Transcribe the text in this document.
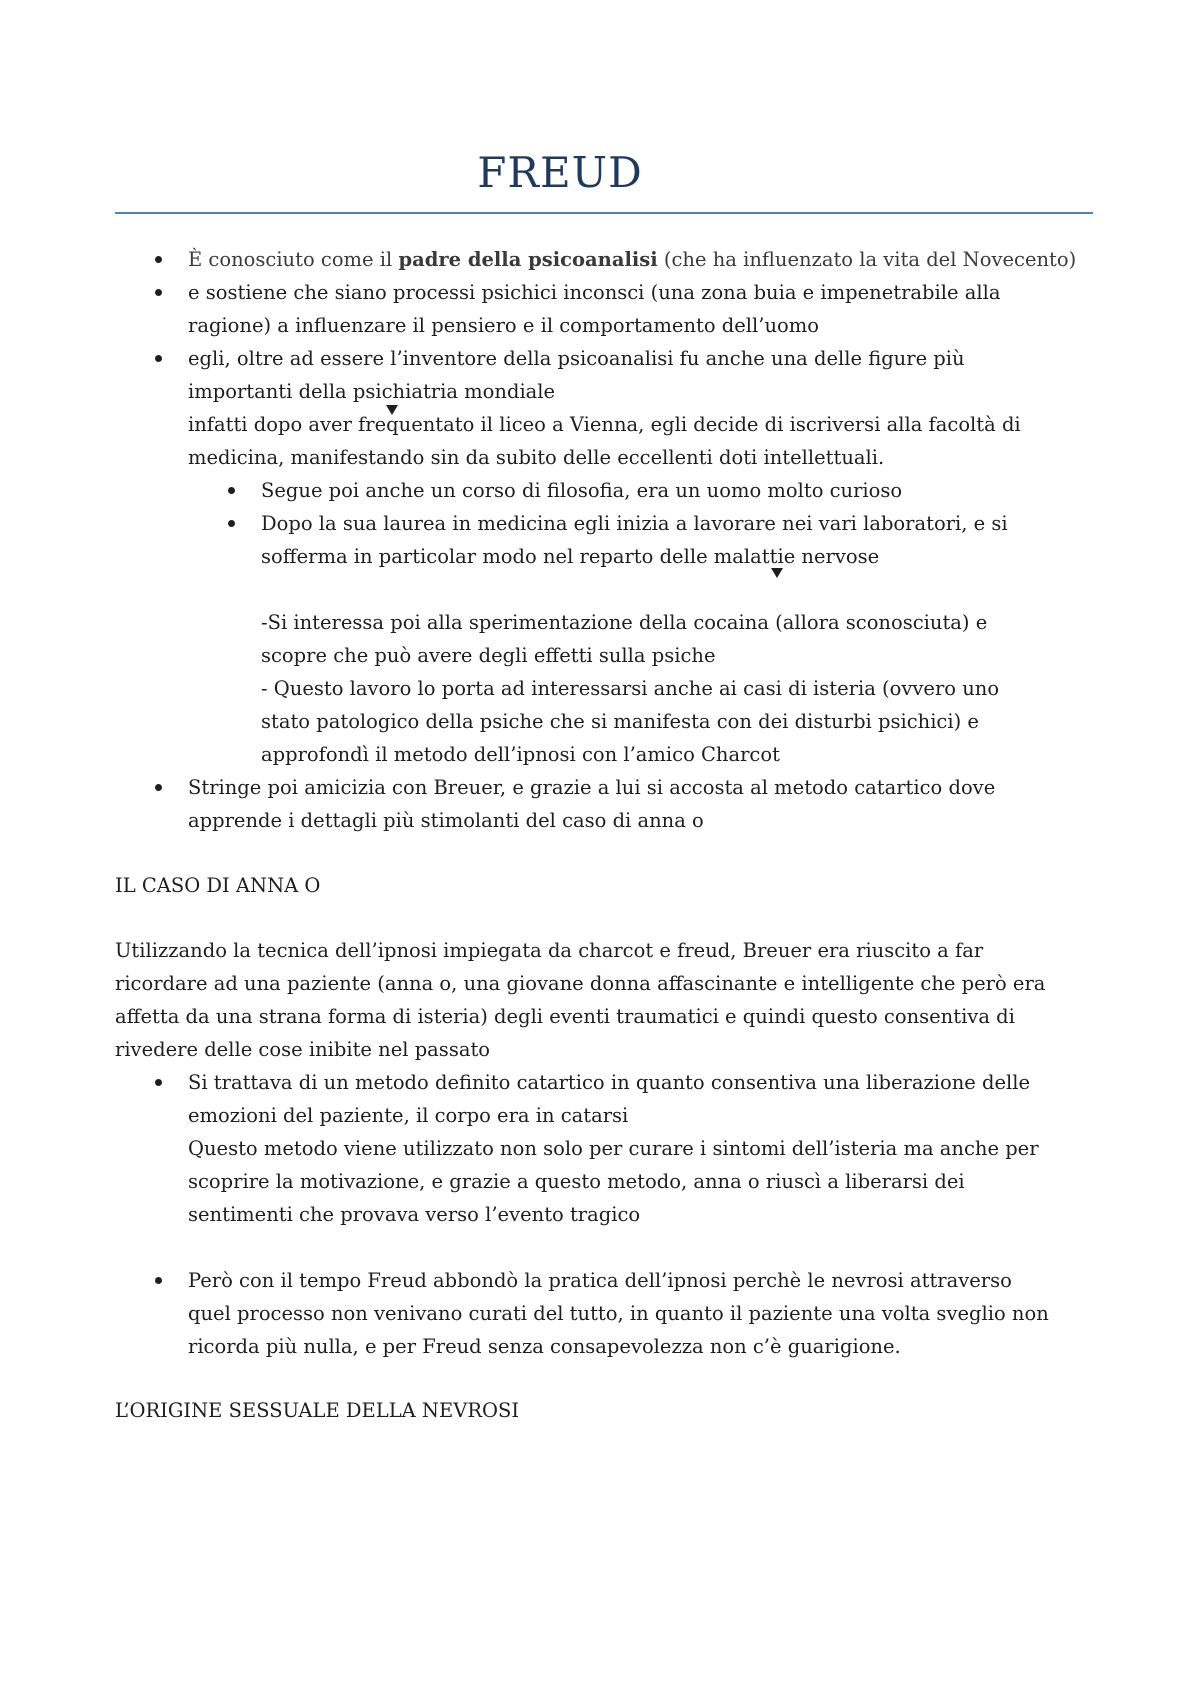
FREUD
È conosciuto come il padre della psicoanalisi (che ha influenzato la vita del Novecento)
e sostiene che siano processi psichici inconsci (una zona buia e impenetrabile alla
ragione) a influenzare il pensiero e il comportamento dell’uomo
egli, oltre ad essere l’inventore della psicoanalisi fu anche una delle figure più
importanti della psichiatria mondiale
infatti dopo aver frequentato il liceo a Vienna, egli decide di iscriversi alla facoltà di
medicina, manifestando sin da subito delle eccellenti doti intellettuali.
Segue poi anche un corso di filosofia, era un uomo molto curioso
Dopo la sua laurea in medicina egli inizia a lavorare nei vari laboratori, e si
sofferma in particolar modo nel reparto delle malattie nervose
-Si interessa poi alla sperimentazione della cocaina (allora sconosciuta) e
scopre che può avere degli effetti sulla psiche
- Questo lavoro lo porta ad interessarsi anche ai casi di isteria (ovvero uno
stato patologico della psiche che si manifesta con dei disturbi psichici) e
approfondì il metodo dell’ipnosi con l’amico Charcot
Stringe poi amicizia con Breuer, e grazie a lui si accosta al metodo catartico dove
apprende i dettagli più stimolanti del caso di anna o
IL CASO DI ANNA O
Utilizzando la tecnica dell’ipnosi impiegata da charcot e freud, Breuer era riuscito a far
ricordare ad una paziente (anna o, una giovane donna affascinante e intelligente che però era
affetta da una strana forma di isteria) degli eventi traumatici e quindi questo consentiva di
rivedere delle cose inibite nel passato
Si trattava di un metodo definito catartico in quanto consentiva una liberazione delle
emozioni del paziente, il corpo era in catarsi
Questo metodo viene utilizzato non solo per curare i sintomi dell’isteria ma anche per
scoprire la motivazione, e grazie a questo metodo, anna o riuscì a liberarsi dei
sentimenti che provava verso l’evento tragico
Però con il tempo Freud abbondò la pratica dell’ipnosi perchè le nevrosi attraverso
quel processo non venivano curati del tutto, in quanto il paziente una volta sveglio non
ricorda più nulla, e per Freud senza consapevolezza non c’è guarigione.
L’ORIGINE SESSUALE DELLA NEVROSI
